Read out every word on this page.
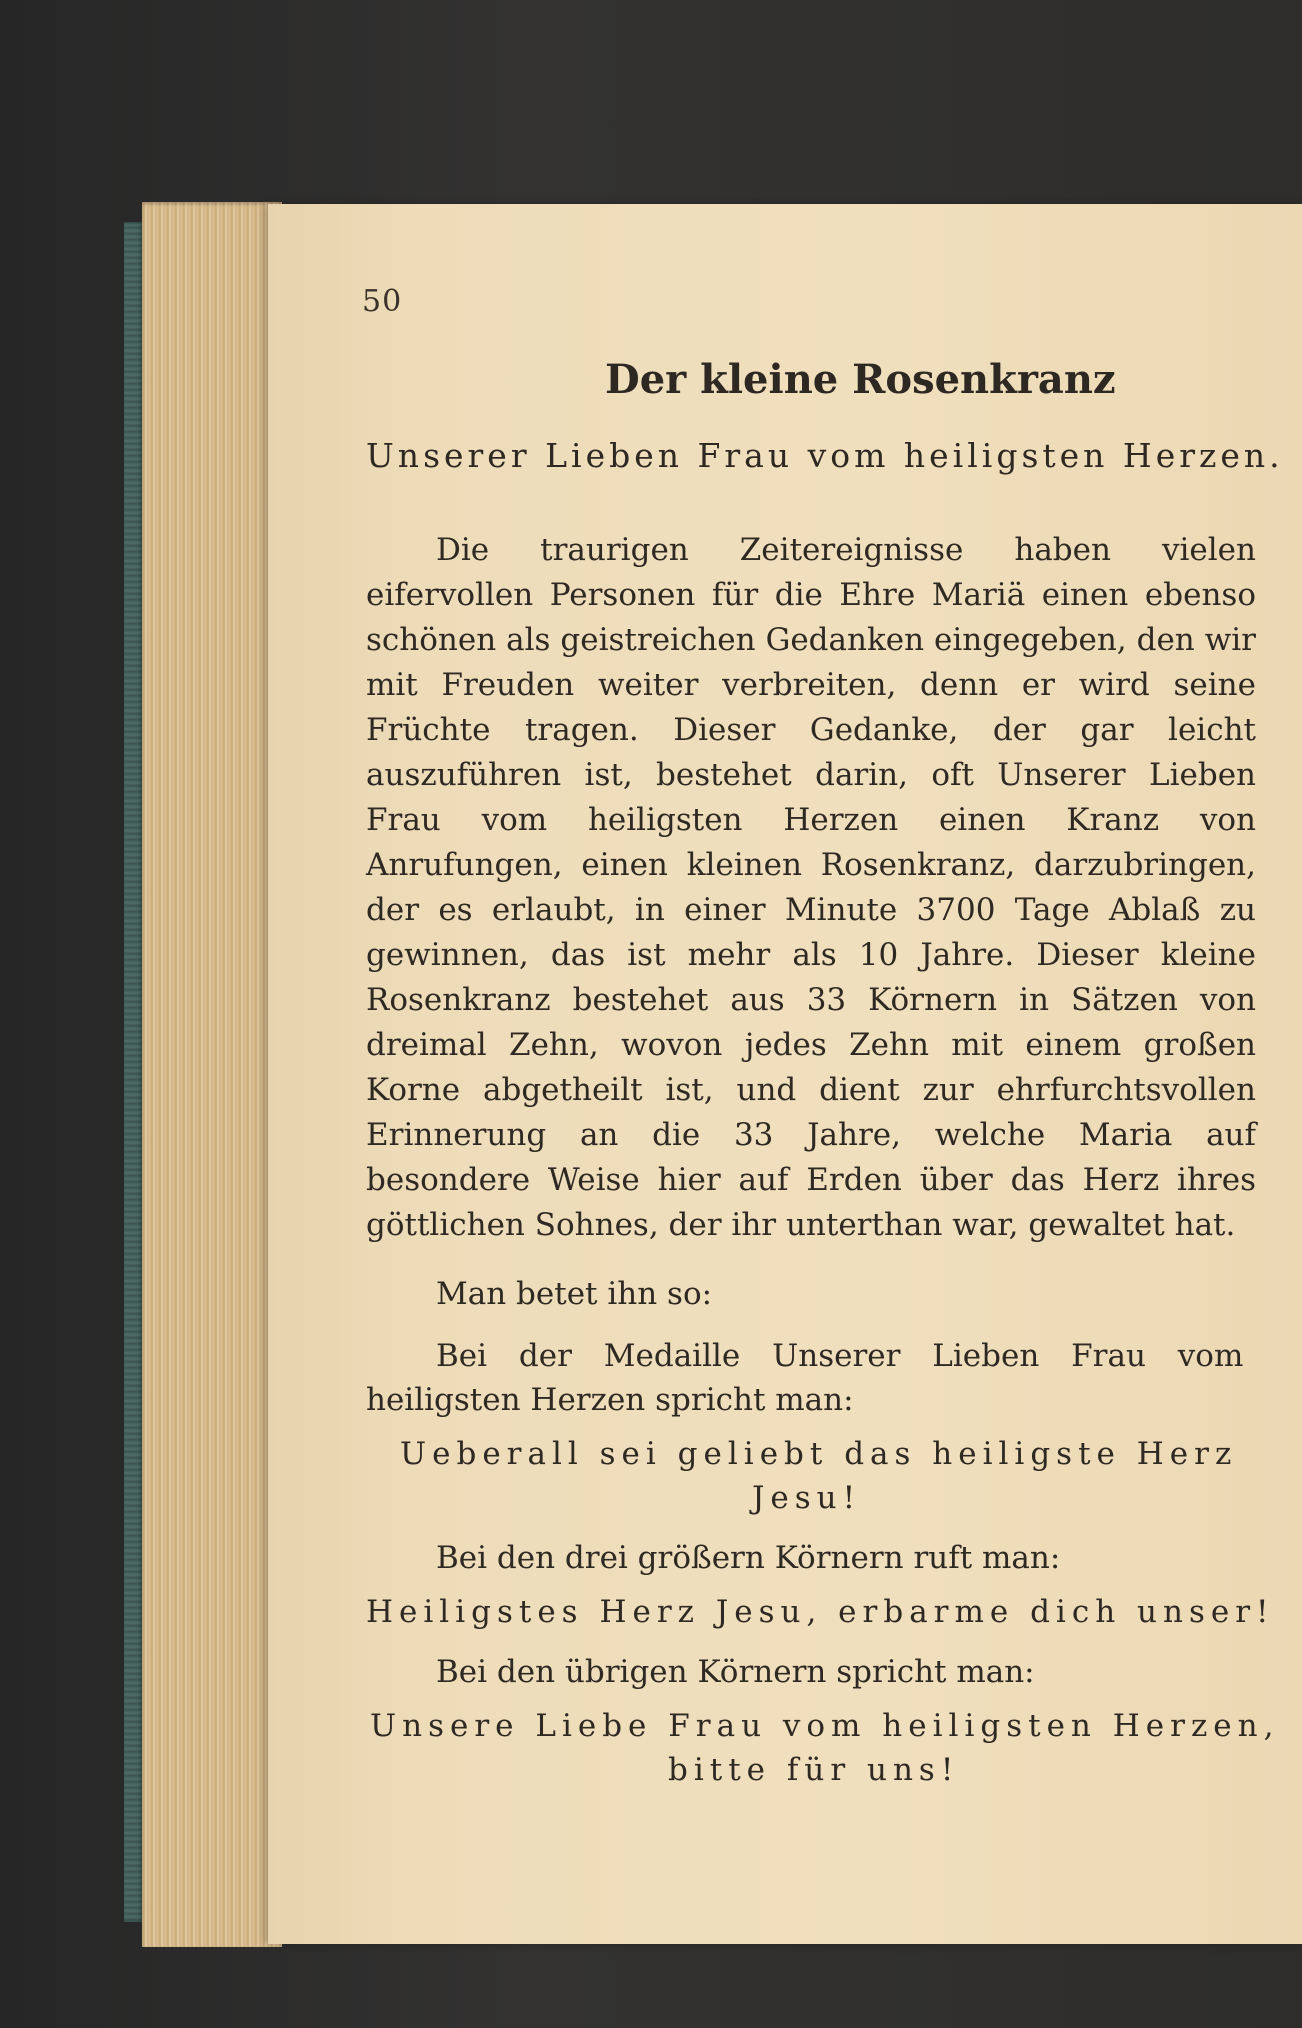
50
Der kleine Rosenkranz
Unserer Lieben Frau vom heiligsten Herzen.
Die traurigen Zeitereignisse haben vielen eifervollen Personen für die Ehre Mariä einen ebenso schönen als geistreichen Gedanken eingegeben, den wir mit Freuden weiter verbreiten, denn er wird seine Früchte tragen. Dieser Gedanke, der gar leicht auszuführen ist, bestehet darin, oft Unserer Lieben Frau vom heiligsten Herzen einen Kranz von Anrufungen, einen kleinen Rosenkranz, darzubringen, der es erlaubt, in einer Minute 3700 Tage Ablaß zu gewinnen, das ist mehr als 10 Jahre. Dieser kleine Rosenkranz bestehet aus 33 Körnern in Sätzen von dreimal Zehn, wovon jedes Zehn mit einem großen Korne abgetheilt ist, und dient zur ehrfurchtsvollen Erinnerung an die 33 Jahre, welche Maria auf besondere Weise hier auf Erden über das Herz ihres göttlichen Sohnes, der ihr unterthan war, gewaltet hat.
Man betet ihn so:
Bei der Medaille Unserer Lieben Frau vom
heiligsten Herzen spricht man:
Ueberall sei geliebt das heiligste Herz
Jesu!
Bei den drei größern Körnern ruft man:
Heiligstes Herz Jesu, erbarme dich unser!
Bei den übrigen Körnern spricht man:
Unsere Liebe Frau vom heiligsten Herzen,
bitte für uns!
